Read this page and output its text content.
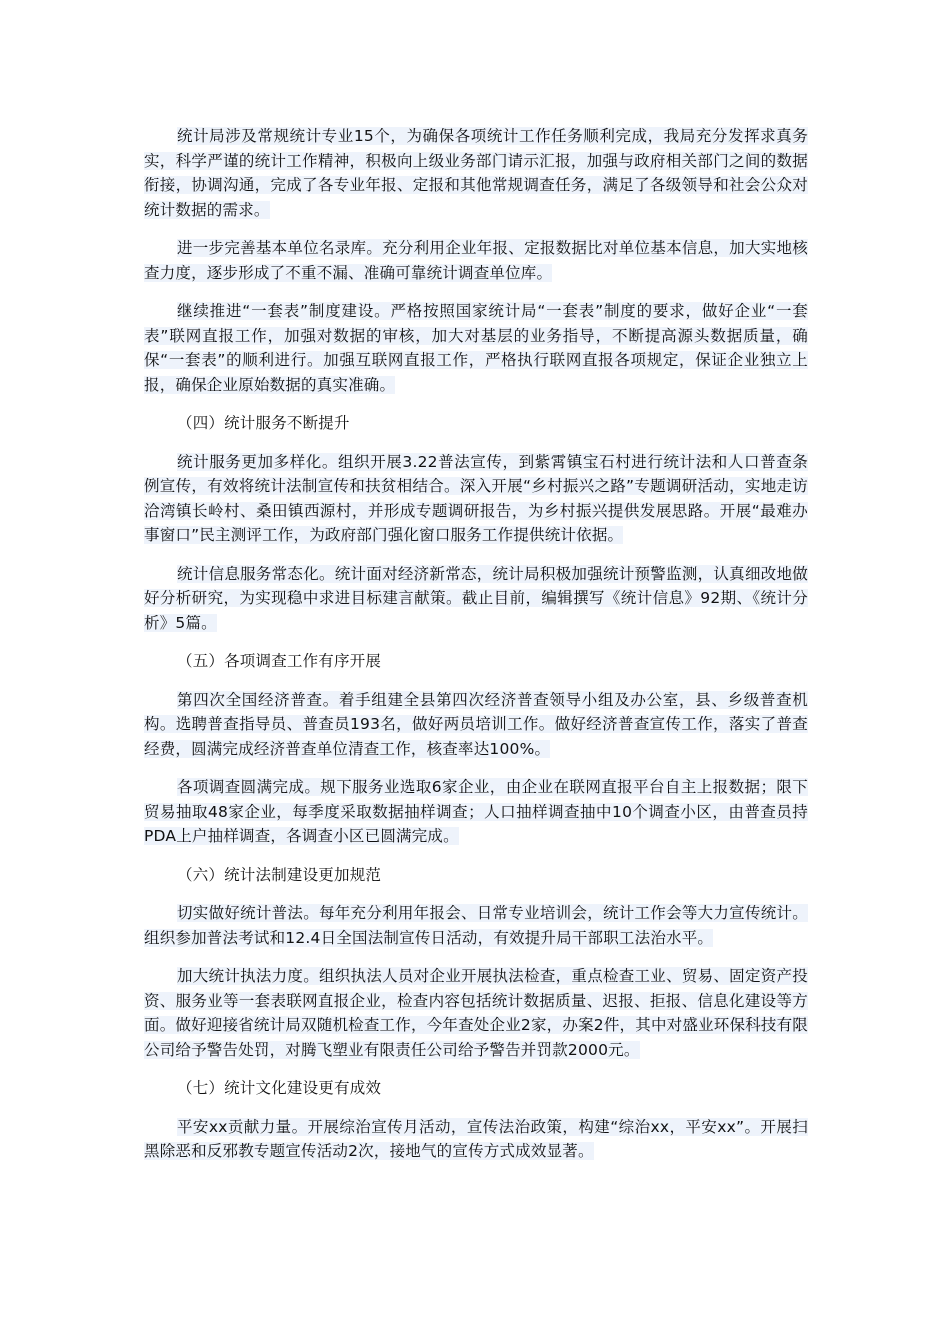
统计局涉及常规统计专业15个，为确保各项统计工作任务顺利完成，我局充分发挥求真务实，科学严谨的统计工作精神，积极向上级业务部门请示汇报，加强与政府相关部门之间的数据衔接，协调沟通，完成了各专业年报、定报和其他常规调查任务，满足了各级领导和社会公众对统计数据的需求。

进一步完善基本单位名录库。充分利用企业年报、定报数据比对单位基本信息，加大实地核查力度，逐步形成了不重不漏、准确可靠统计调查单位库。

继续推进“一套表”制度建设。严格按照国家统计局“一套表”制度的要求，做好企业“一套表”联网直报工作，加强对数据的审核，加大对基层的业务指导，不断提高源头数据质量，确保“一套表”的顺利进行。加强互联网直报工作，严格执行联网直报各项规定，保证企业独立上报，确保企业原始数据的真实准确。

（四）统计服务不断提升

统计服务更加多样化。组织开展3.22普法宣传，到紫霄镇宝石村进行统计法和人口普查条例宣传，有效将统计法制宣传和扶贫相结合。深入开展“乡村振兴之路”专题调研活动，实地走访洽湾镇长岭村、桑田镇西源村，并形成专题调研报告，为乡村振兴提供发展思路。开展“最难办事窗口”民主测评工作，为政府部门强化窗口服务工作提供统计依据。

统计信息服务常态化。统计面对经济新常态，统计局积极加强统计预警监测，认真细改地做好分析研究，为实现稳中求进目标建言献策。截止目前，编辑撰写《统计信息》92期、《统计分析》5篇。

（五）各项调查工作有序开展

第四次全国经济普查。着手组建全县第四次经济普查领导小组及办公室，县、乡级普查机构。选聘普查指导员、普查员193名，做好两员培训工作。做好经济普查宣传工作，落实了普查经费，圆满完成经济普查单位清查工作，核查率达100%。

各项调查圆满完成。规下服务业选取6家企业，由企业在联网直报平台自主上报数据；限下贸易抽取48家企业，每季度采取数据抽样调查；人口抽样调查抽中10个调查小区，由普查员持PDA上户抽样调查，各调查小区已圆满完成。

（六）统计法制建设更加规范

切实做好统计普法。每年充分利用年报会、日常专业培训会，统计工作会等大力宣传统计。组织参加普法考试和12.4日全国法制宣传日活动，有效提升局干部职工法治水平。

加大统计执法力度。组织执法人员对企业开展执法检查，重点检查工业、贸易、固定资产投资、服务业等一套表联网直报企业，检查内容包括统计数据质量、迟报、拒报、信息化建设等方面。做好迎接省统计局双随机检查工作，今年查处企业2家，办案2件，其中对盛业环保科技有限公司给予警告处罚，对腾飞塑业有限责任公司给予警告并罚款2000元。

（七）统计文化建设更有成效

平安xx贡献力量。开展综治宣传月活动，宣传法治政策，构建“综治xx，平安xx”。开展扫黑除恶和反邪教专题宣传活动2次，接地气的宣传方式成效显著。
